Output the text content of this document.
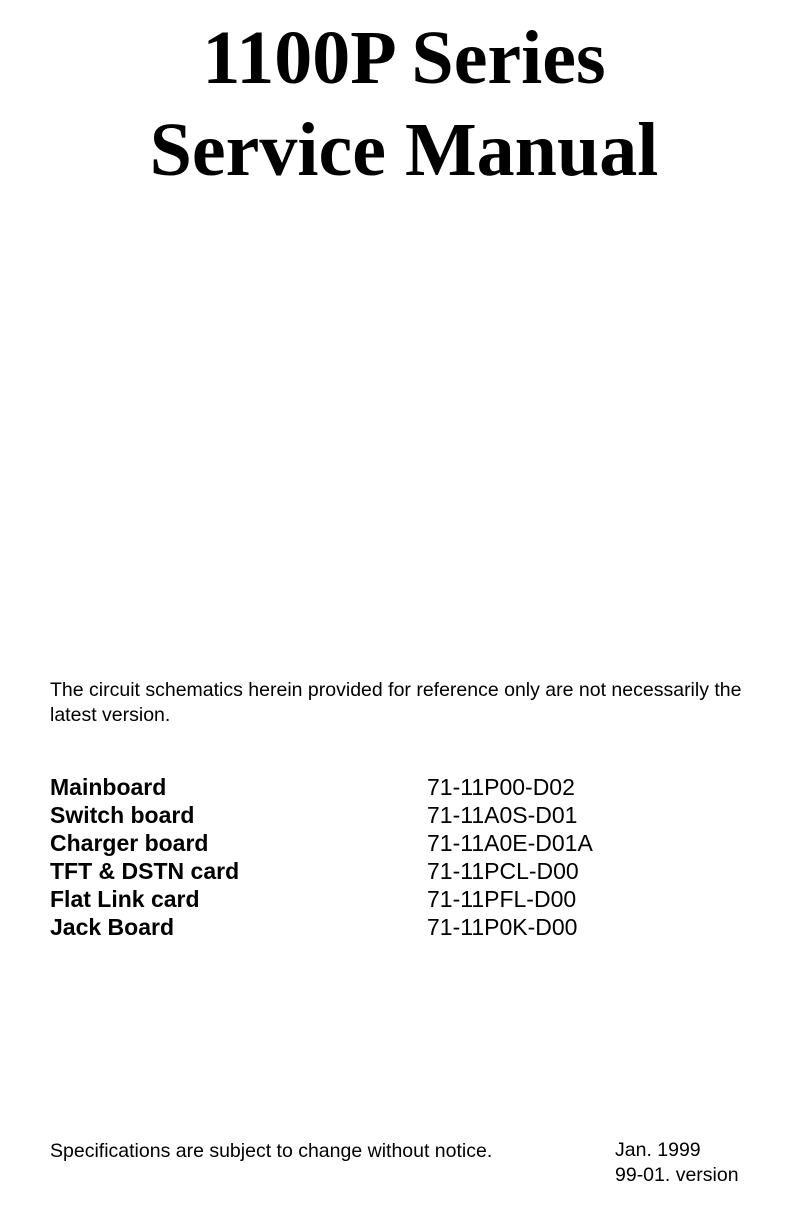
1100P Series
Service Manual

The circuit schematics herein provided for reference only are not necessarily the latest version.

Mainboard	71-11P00-D02
Switch board	71-11A0S-D01
Charger board	71-11A0E-D01A
TFT & DSTN card	71-11PCL-D00
Flat Link card	71-11PFL-D00
Jack Board	71-11P0K-D00

Specifications are subject to change without notice.	Jan. 1999
99-01. version
